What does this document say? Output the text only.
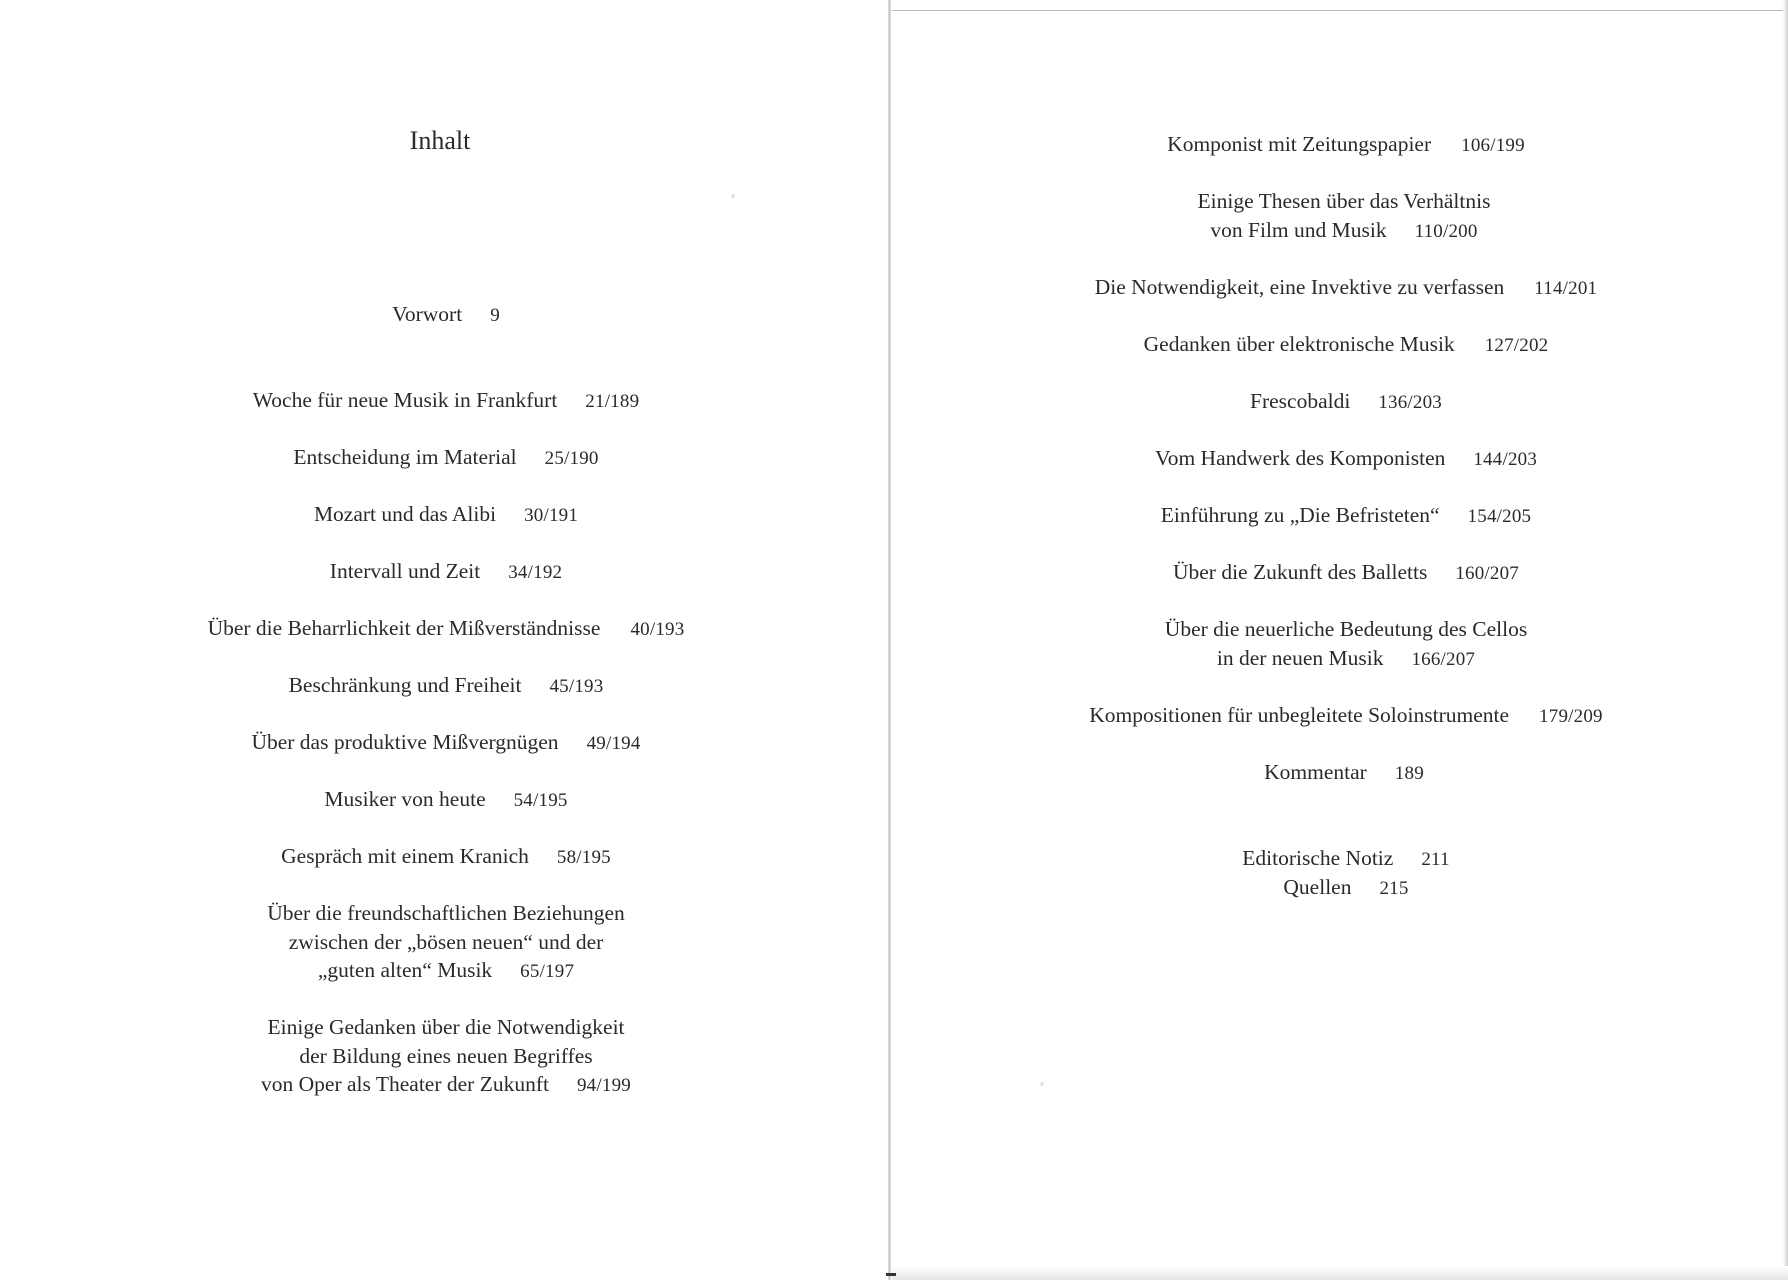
Inhalt
⸗
Vorwort 9
Woche für neue Musik in Frankfurt 21/189
Entscheidung im Material 25/190
Mozart und das Alibi 30/191
Intervall und Zeit 34/192
Über die Beharrlichkeit der Mißverständnisse 40/193
Beschränkung und Freiheit 45/193
Über das produktive Mißvergnügen 49/194
Musiker von heute 54/195
Gespräch mit einem Kranich 58/195
Über die freundschaftlichen Beziehungen
zwischen der „bösen neuen“ und der
„guten alten“ Musik 65/197
Einige Gedanken über die Notwendigkeit
der Bildung eines neuen Begriffes
von Oper als Theater der Zukunft 94/199
Komponist mit Zeitungspapier 106/199
Einige Thesen über das Verhältnis
von Film und Musik 110/200
Die Notwendigkeit, eine Invektive zu verfassen 114/201
Gedanken über elektronische Musik 127/202
Frescobaldi 136/203
Vom Handwerk des Komponisten 144/203
Einführung zu „Die Befristeten“ 154/205
Über die Zukunft des Balletts 160/207
Über die neuerliche Bedeutung des Cellos
in der neuen Musik 166/207
Kompositionen für unbegleitete Soloinstrumente 179/209
Kommentar 189
Editorische Notiz 211
Quellen 215
⸗
